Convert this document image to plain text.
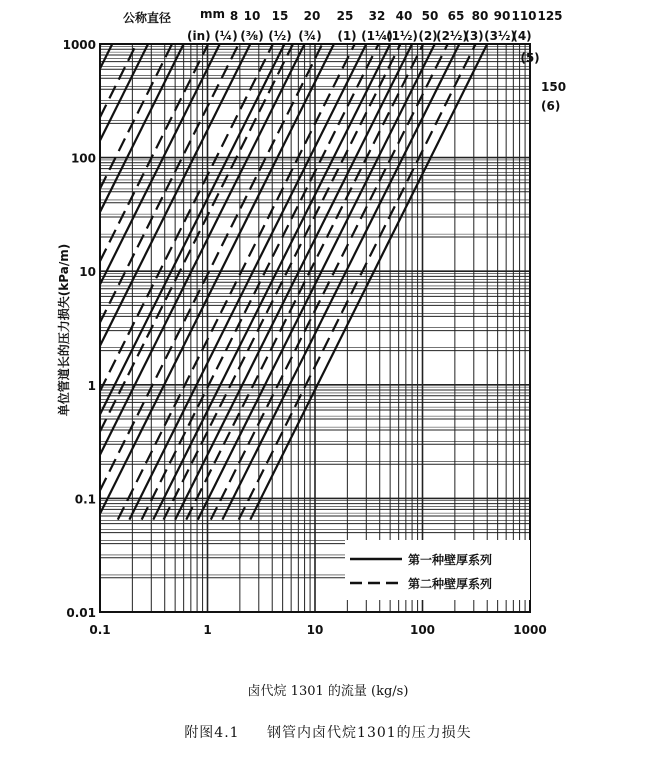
0.1	1	10	100	1000
1000
100
10
1
0.1
0.01
公称直径 mm
(in)
150
(6)
8 10 15 20 25 32 40 50 65 80 90 110 125
(¼) (⅜) (½) (¾) (1) (1¼)
(1½) (2)
(2½)
(3) (3½)
(4)
(5)
第一种壁厚系列
第二种壁厚系列
单位管道长的压力损失(kPa/m)
卤代烷 1301 的流量 (kg/s)
附图4.1 钢管内卤代烷1301的压力损失
